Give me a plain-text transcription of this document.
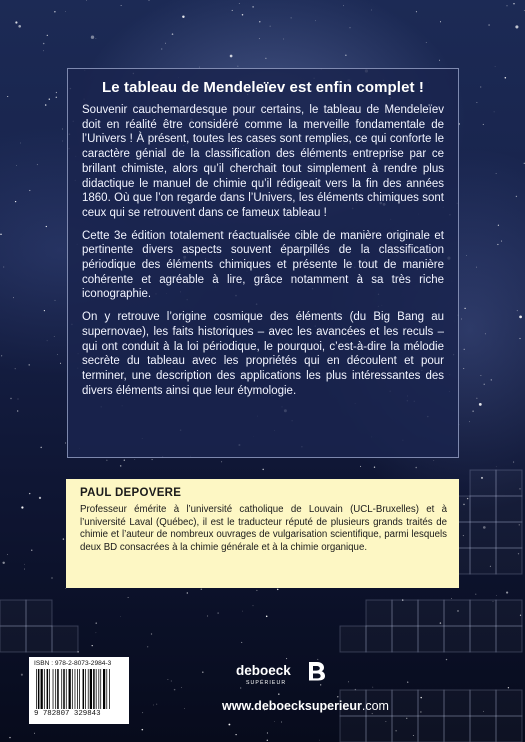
Le tableau de Mendeleïev est enfin complet !

Souvenir cauchemardesque pour certains, le tableau de Mendeleïev doit en réalité être considéré comme la merveille fondamentale de l’Univers ! À présent, toutes les cases sont remplies, ce qui conforte le caractère génial de la classification des éléments entreprise par ce brillant chimiste, alors qu’il cherchait tout simplement à rendre plus didactique le manuel de chimie qu’il rédigeait vers la fin des années 1860. Où que l’on regarde dans l’Univers, les éléments chimiques sont ceux qui se retrouvent dans ce fameux tableau !

Cette 3e édition totalement réactualisée cible de manière originale et pertinente divers aspects souvent éparpillés de la classification périodique des éléments chimiques et présente le tout de manière cohérente et agréable à lire, grâce notamment à sa très riche iconographie.

On y retrouve l’origine cosmique des éléments (du Big Bang au supernovae), les faits historiques – avec les avancées et les reculs – qui ont conduit à la loi périodique, le pourquoi, c’est-à-dire la mélodie secrète du tableau avec les propriétés qui en découlent et pour terminer, une description des applications les plus intéressantes des divers éléments ainsi que leur étymologie.

PAUL DEPOVERE

Professeur émérite à l’université catholique de Louvain (UCL-Bruxelles) et à l’université Laval (Québec), il est le traducteur réputé de plusieurs grands traités de chimie et l’auteur de nombreux ouvrages de vulgarisation scientifique, parmi lesquels deux BD consacrées à la chimie générale et à la chimie organique.

ISBN : 978-2-8073-2984-3
9 782807 329843
deboeck
SUPÉRIEUR
www.deboecksuperieur.com
